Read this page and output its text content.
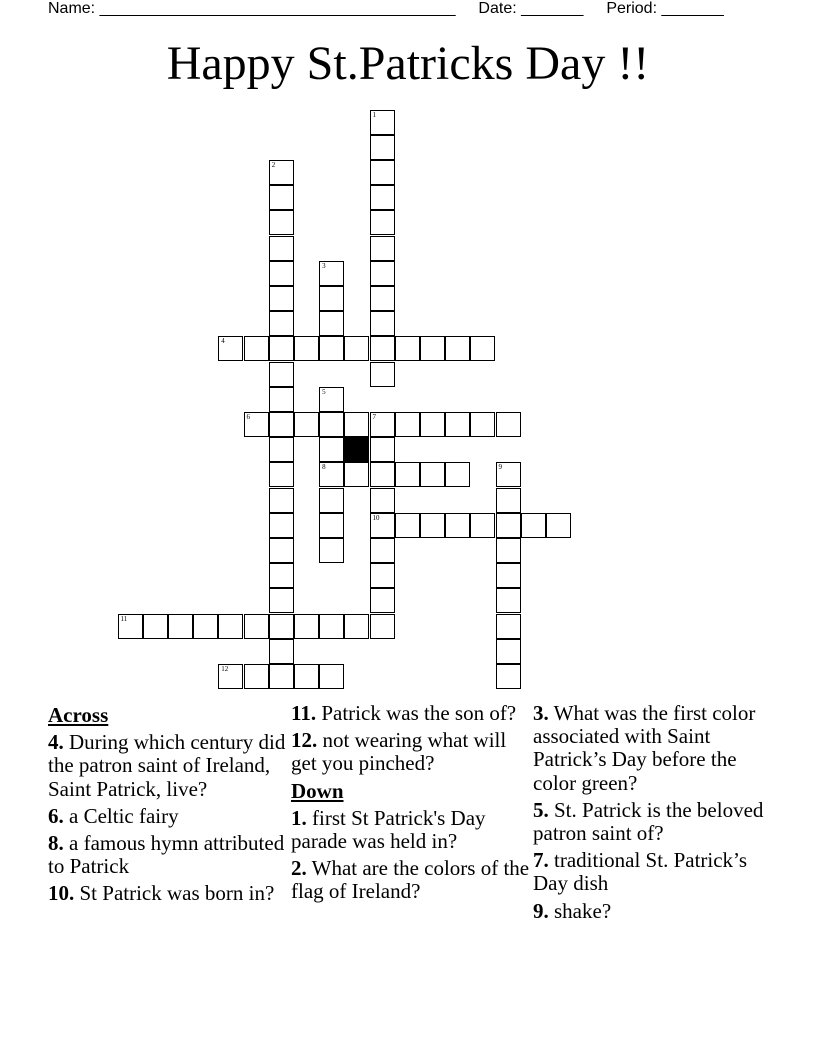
Name: ________________________________________ Date: _______ Period: _______
Happy St.Patricks Day !!
1
2
3
4
5
8
6	7
10
9
11
12
Across
4. During which century did the patron saint of Ireland, Saint Patrick, live?
6. a Celtic fairy
8. a famous hymn attributed to Patrick
10. St Patrick was born in?
11. Patrick was the son of?
12. not wearing what will get you pinched?
Down
1. first St Patrick's Day parade was held in?
2. What are the colors of the flag of Ireland?
3. What was the first color associated with Saint Patrick’s Day before the color green?
5. St. Patrick is the beloved patron saint of?
7. traditional St. Patrick’s Day dish
9. shake?
